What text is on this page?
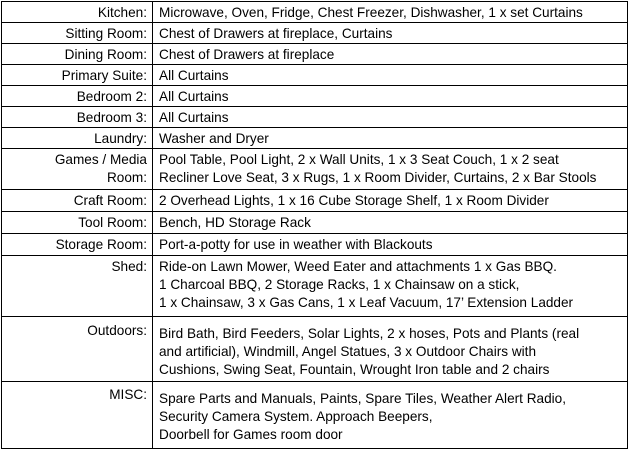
Kitchen:	Microwave, Oven, Fridge, Chest Freezer, Dishwasher, 1 x set Curtains

Sitting Room:	Chest of Drawers at fireplace, Curtains

Dining Room:	Chest of Drawers at fireplace

Primary Suite:	All Curtains

Bedroom 2:	All Curtains

Bedroom 3:	All Curtains

Laundry:	Washer and Dryer

Games / Media
Room:	Pool Table, Pool Light, 2 x Wall Units, 1 x 3 Seat Couch, 1 x 2 seat
Recliner Love Seat, 3 x Rugs, 1 x Room Divider, Curtains, 2 x Bar Stools

Craft Room:	2 Overhead Lights, 1 x 16 Cube Storage Shelf, 1 x Room Divider

Tool Room:	Bench, HD Storage Rack

Storage Room:	Port-a-potty for use in weather with Blackouts

Shed:	Ride-on Lawn Mower, Weed Eater and attachments 1 x Gas BBQ.
1 Charcoal BBQ, 2 Storage Racks, 1 x Chainsaw on a stick,
1 x Chainsaw, 3 x Gas Cans, 1 x Leaf Vacuum, 17’ Extension Ladder

Outdoors:	Bird Bath, Bird Feeders, Solar Lights, 2 x hoses, Pots and Plants (real
and artificial), Windmill, Angel Statues, 3 x Outdoor Chairs with
Cushions, Swing Seat, Fountain, Wrought Iron table and 2 chairs

MISC:	Spare Parts and Manuals, Paints, Spare Tiles, Weather Alert Radio,
Security Camera System. Approach Beepers,
Doorbell for Games room door
